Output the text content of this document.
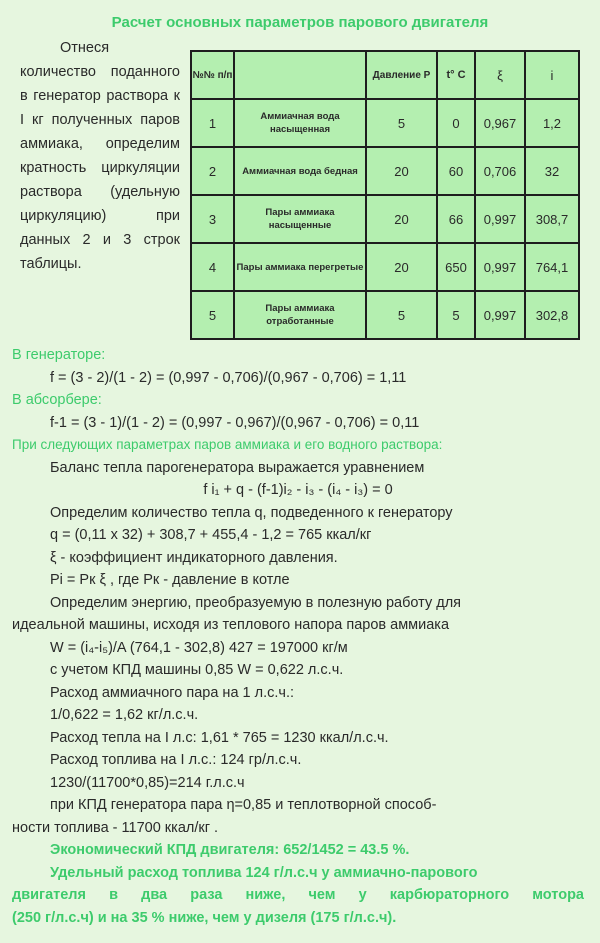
Расчет основных параметров парового двигателя
Отнеся количество поданного в генератор раствора к I кг полученных паров аммиака, определим кратность циркуляции раствора (удельную циркуляцию) при данных 2 и 3 строк таблицы.
№№ п/п		Давление P	t° C	ξ	i
1	Аммиачная вода насыщенная	5	0	0,967	1,2
2	Аммиачная вода бедная	20	60	0,706	32
3	Пары аммиака насыщенные	20	66	0,997	308,7
4	Пары аммиака перегретые	20	650	0,997	764,1
5	Пары аммиака отработанные	5	5	0,997	302,8
В генераторе:
f = (3 - 2)/(1 - 2) = (0,997 - 0,706)/(0,967 - 0,706) = 1,11
В абсорбере:
f-1 = (3 - 1)/(1 - 2) = (0,997 - 0,967)/(0,967 - 0,706) = 0,11
При следующих параметрах паров аммиака и его водного раствора:
Баланс тепла парогенератора выражается уравнением
f i₁ + q - (f-1)i₂ - i₃ - (i₄ - i₃) = 0
Определим количество тепла q, подведенного к генератору
q = (0,11 x 32) + 308,7 + 455,4 - 1,2 = 765 ккал/кг
ξ - коэффициент индикаторного давления.
Pi = Pк ξ , где Pк - давление в котле
Определим энергию, преобразуемую в полезную работу для
идеальной машины, исходя из теплового напора паров аммиака
W = (i₄-i₅)/A (764,1 - 302,8) 427 = 197000 кг/м
с учетом КПД машины 0,85 W = 0,622 л.с.ч.
Расход аммиачного пара на 1 л.с.ч.:
1/0,622 = 1,62 кг/л.с.ч.
Расход тепла на I л.с: 1,61 * 765 = 1230 ккал/л.с.ч.
Расход топлива на I л.с.: 124 гр/л.с.ч.
1230/(11700*0,85)=214 г.л.с.ч
при КПД генератора пара η=0,85 и теплотворной способ-
ности топлива - 11700 ккал/кг .
Экономический КПД двигателя: 652/1452 = 43.5 %.
Удельный расход топлива 124 г/л.с.ч у аммиачно-парового
двигателя в два раза ниже, чем у карбюраторного мотора
(250 г/л.с.ч) и на 35 % ниже, чем у дизеля (175 г/л.с.ч).
